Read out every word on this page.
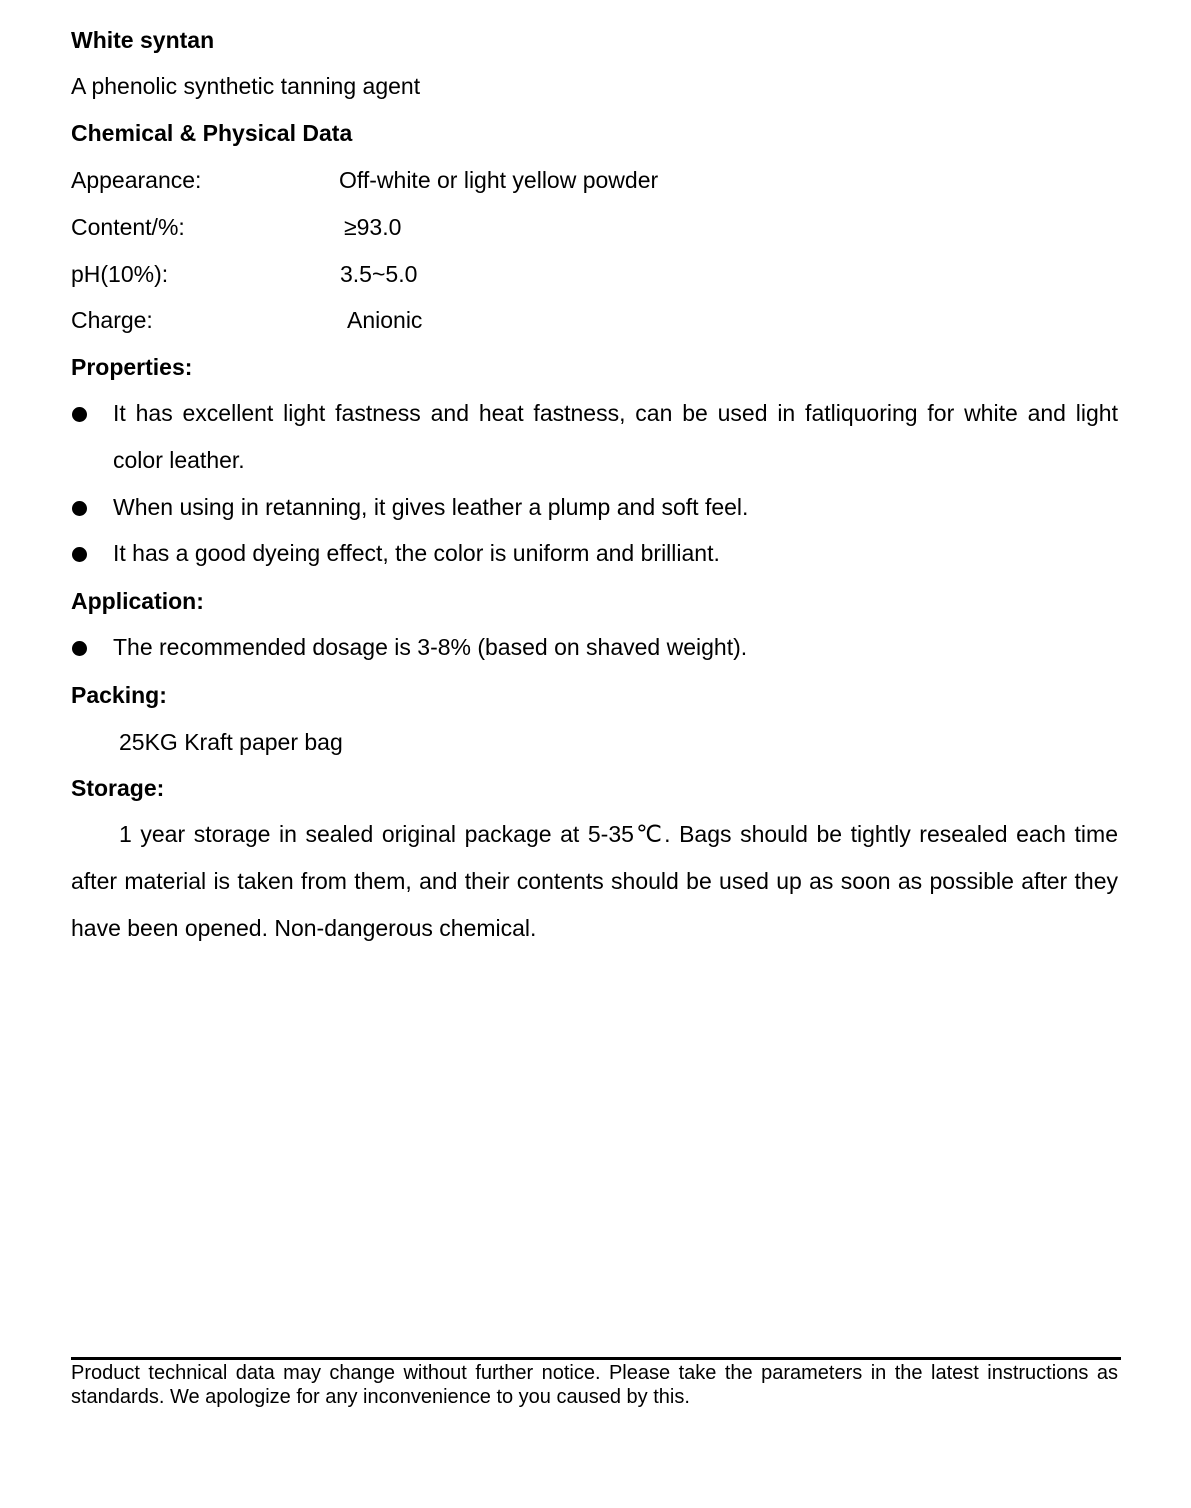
White syntan
A phenolic synthetic tanning agent
Chemical & Physical Data
Appearance:	Off-white or light yellow powder
Content/%:	≥93.0
pH(10%):	3.5~5.0
Charge:	Anionic
Properties:
It has excellent light fastness and heat fastness, can be used in fatliquoring for white and light color leather.
When using in retanning, it gives leather a plump and soft feel.
It has a good dyeing effect, the color is uniform and brilliant.
Application:
The recommended dosage is 3-8% (based on shaved weight).
Packing:
25KG Kraft paper bag
Storage:
1 year storage in sealed original package at 5-35℃. Bags should be tightly resealed each time after material is taken from them, and their contents should be used up as soon as possible after they have been opened. Non-dangerous chemical.
Product technical data may change without further notice. Please take the parameters in the latest instructions as standards. We apologize for any inconvenience to you caused by this.
